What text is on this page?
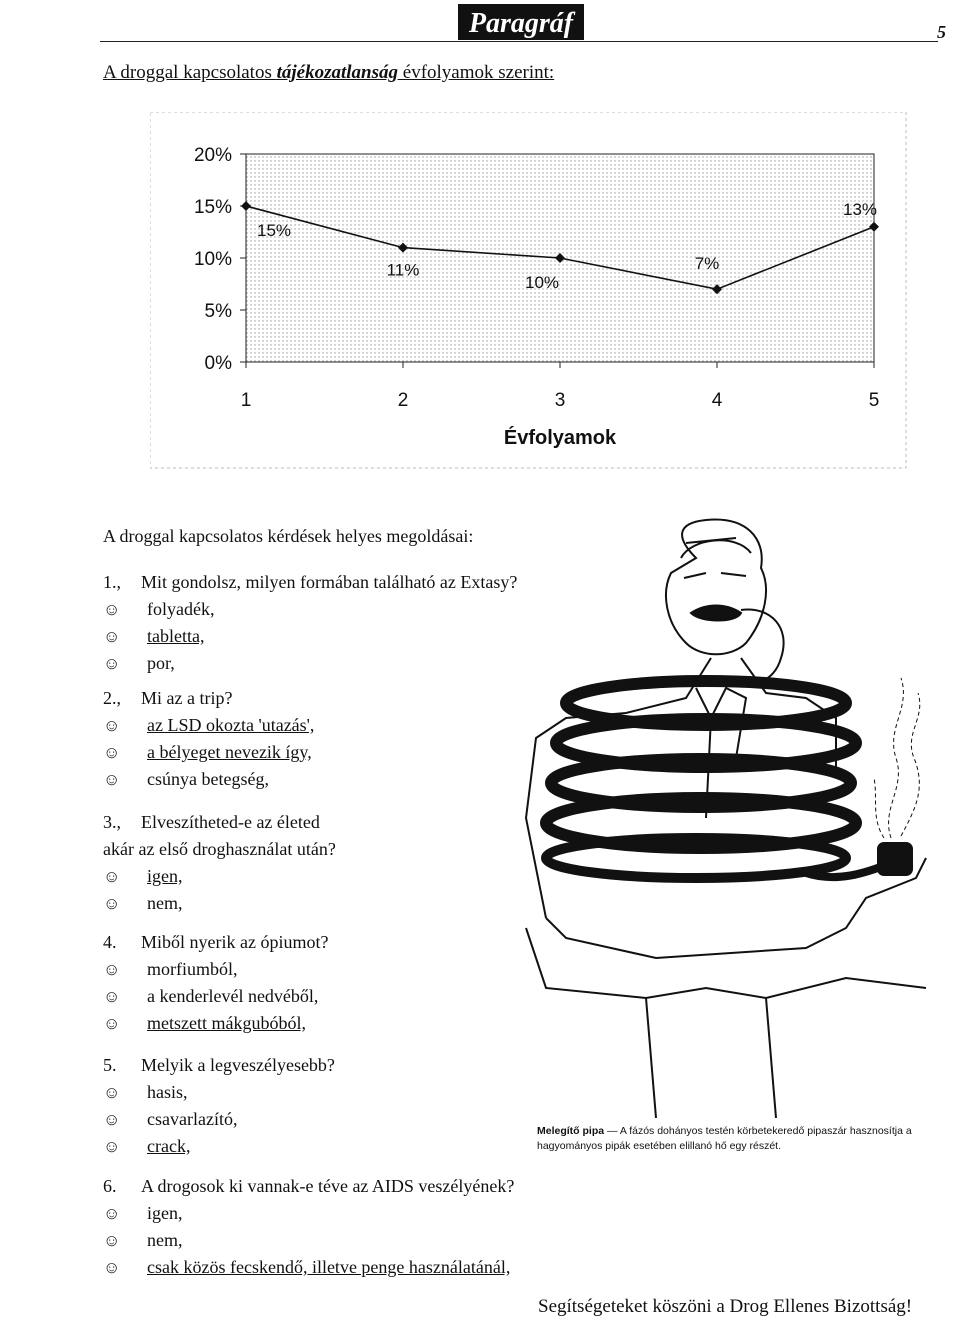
Paragráf	5
A droggal kapcsolatos tájékozatlanság évfolyamok szerint:
0%
5%
10%
15%
20%
1	2	3	4	5
Évfolyamok
15%
11%
10%
7%
13%
A droggal kapcsolatos kérdések helyes megoldásai:
1., Mit gondolsz, milyen formában található az Extasy?
☺ folyadék,
☺ tabletta,
☺ por,
2., Mi az a trip?
☺ az LSD okozta 'utazás',
☺ a bélyeget nevezik így,
☺ csúnya betegség,
3., Elveszítheted-e az életed
akár az első droghasználat után?
☺ igen,
☺ nem,
4. Miből nyerik az ópiumot?
☺ morfiumból,
☺ a kenderlevél nedvéből,
☺ metszett mákgubóból,
5. Melyik a legveszélyesebb?
☺ hasis,
☺ csavarlazító,
☺ crack,
6. A drogosok ki vannak-e téve az AIDS veszélyének?
☺ igen,
☺ nem,
☺ csak közös fecskendő, illetve penge használatánál,
Melegítő pipa — A fázós dohányos testén körbetekeredő pipaszár hasznosítja a hagyományos pipák esetében elillanó hő egy részét.
Segítségeteket köszöni a Drog Ellenes Bizottság!
